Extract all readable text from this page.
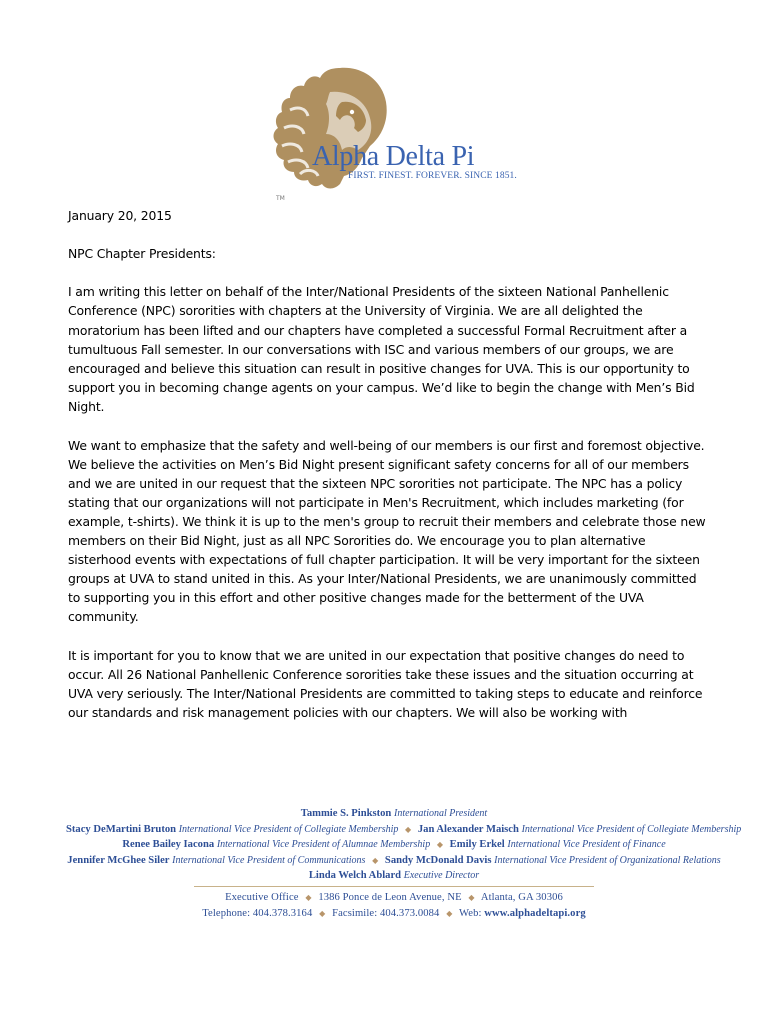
TM
Alpha Delta Pi
FIRST. FINEST. FOREVER. SINCE 1851.

January 20, 2015

NPC Chapter Presidents:

I am writing this letter on behalf of the Inter/National Presidents of the sixteen National Panhellenic Conference (NPC) sororities with chapters at the University of Virginia. We are all delighted the moratorium has been lifted and our chapters have completed a successful Formal Recruitment after a tumultuous Fall semester. In our conversations with ISC and various members of our groups, we are encouraged and believe this situation can result in positive changes for UVA. This is our opportunity to support you in becoming change agents on your campus. We’d like to begin the change with Men’s Bid Night.

We want to emphasize that the safety and well-being of our members is our first and foremost objective. We believe the activities on Men’s Bid Night present significant safety concerns for all of our members and we are united in our request that the sixteen NPC sororities not participate. The NPC has a policy stating that our organizations will not participate in Men's Recruitment, which includes marketing (for example, t-shirts). We think it is up to the men's group to recruit their members and celebrate those new members on their Bid Night, just as all NPC Sororities do. We encourage you to plan alternative sisterhood events with expectations of full chapter participation. It will be very important for the sixteen groups at UVA to stand united in this. As your Inter/National Presidents, we are unanimously committed to supporting you in this effort and other positive changes made for the betterment of the UVA community.

It is important for you to know that we are united in our expectation that positive changes do need to occur. All 26 National Panhellenic Conference sororities take these issues and the situation occurring at UVA very seriously. The Inter/National Presidents are committed to taking steps to educate and reinforce our standards and risk management policies with our chapters. We will also be working with

Tammie S. Pinkston International President
Stacy DeMartini Bruton International Vice President of Collegiate Membership ◆ Jan Alexander Maisch International Vice President of Collegiate Membership
Renee Bailey Iacona International Vice President of Alumnae Membership ◆ Emily Erkel International Vice President of Finance
Jennifer McGhee Siler International Vice President of Communications ◆ Sandy McDonald Davis International Vice President of Organizational Relations
Linda Welch Ablard Executive Director
Executive Office ◆ 1386 Ponce de Leon Avenue, NE ◆ Atlanta, GA 30306
Telephone: 404.378.3164 ◆ Facsimile: 404.373.0084 ◆ Web: www.alphadeltapi.org
